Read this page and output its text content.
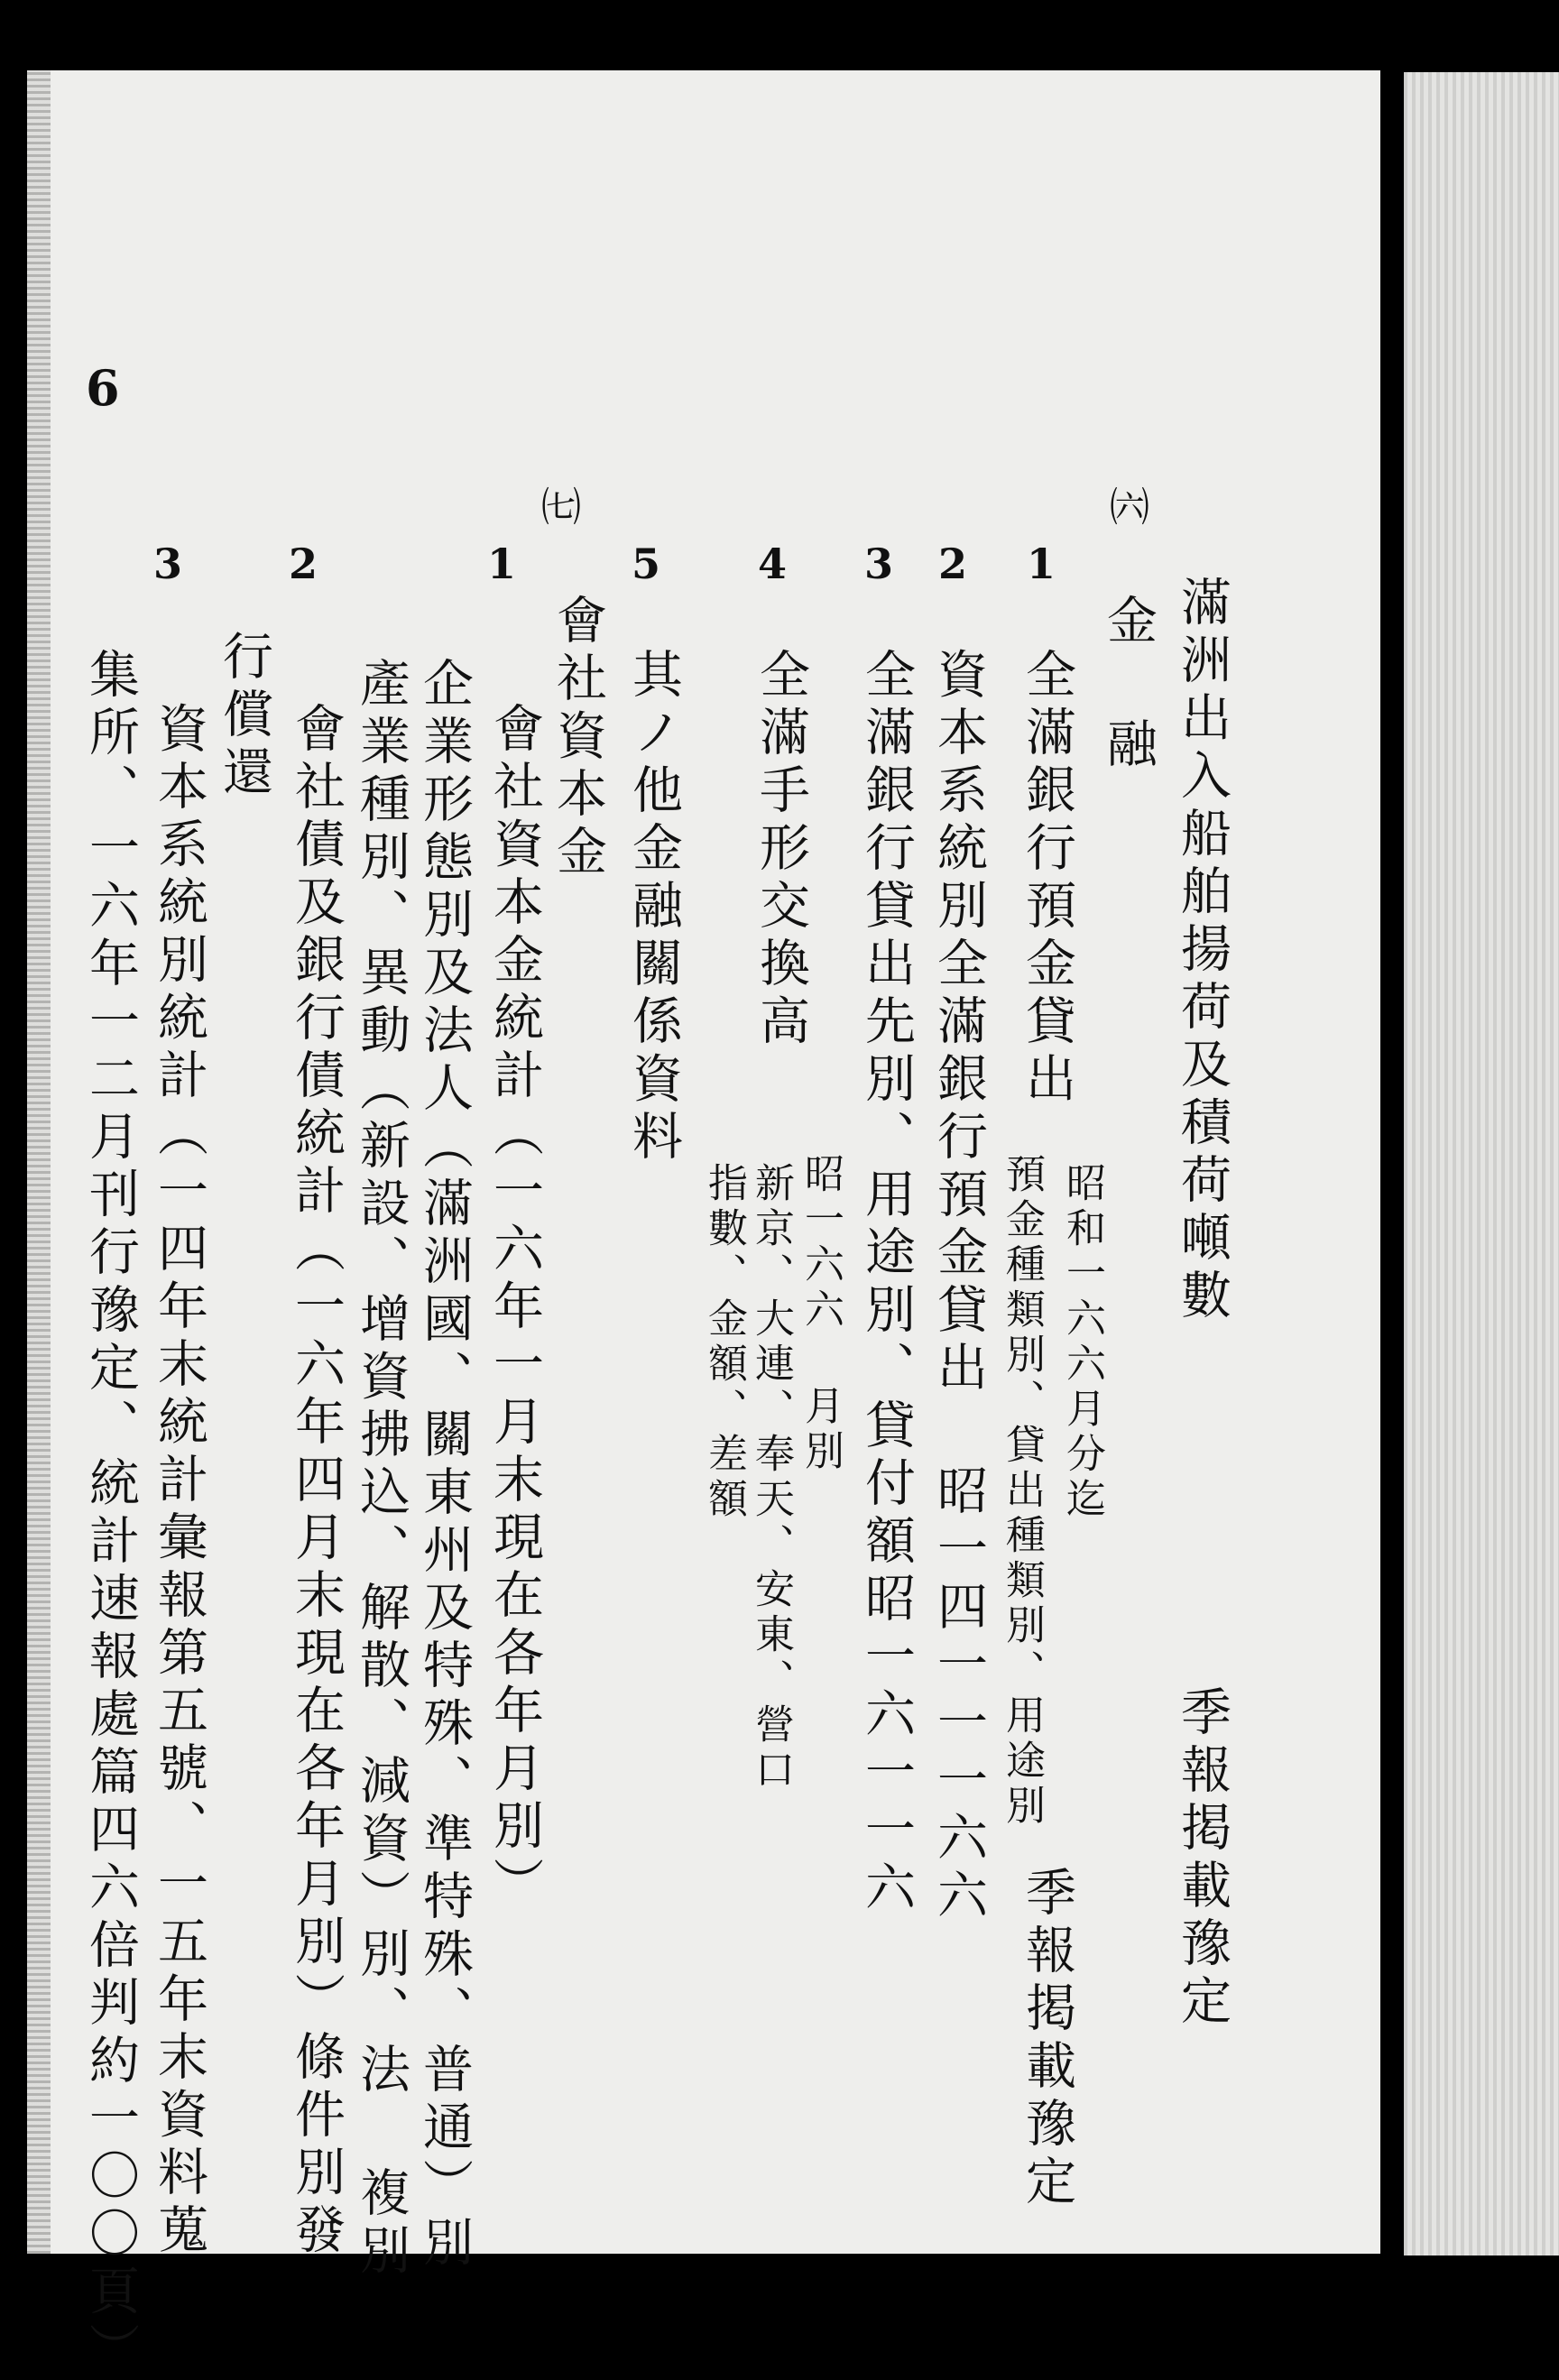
6
㈥
滿洲出入船舶揚荷及積荷噸數
季報掲載豫定
金 融
1
全滿銀行預金貸出
昭和一六六月分迄
預金種類別、貸出種類別、用途別
季報掲載豫定
2
資本系統別全滿銀行預金貸出 昭一四一一一六六
3
全滿銀行貸出先別、用途別、貸付額昭一六一一六
4
全滿手形交換高
昭一六六 月別
新京、大連、奉天、安東、營口
指數、金額、差額
5
其ノ他金融關係資料
㈦
會社資本金
1
會社資本金統計（一六年一月末現在各年月別）
企業形態別及法人（滿洲國、關東州及特殊、準特殊、普通）別
產業種別、異動（新設、增資拂込、解散、減資）別、法 複別
2
會社債及銀行債統計（一六年四月末現在各年月別）條件別發
行償還
3
資本系統別統計（一四年末統計彙報第五號、一五年末資料蒐
集所、一六年一二月刊行豫定、統計速報處篇四六倍判約一〇〇頁）
